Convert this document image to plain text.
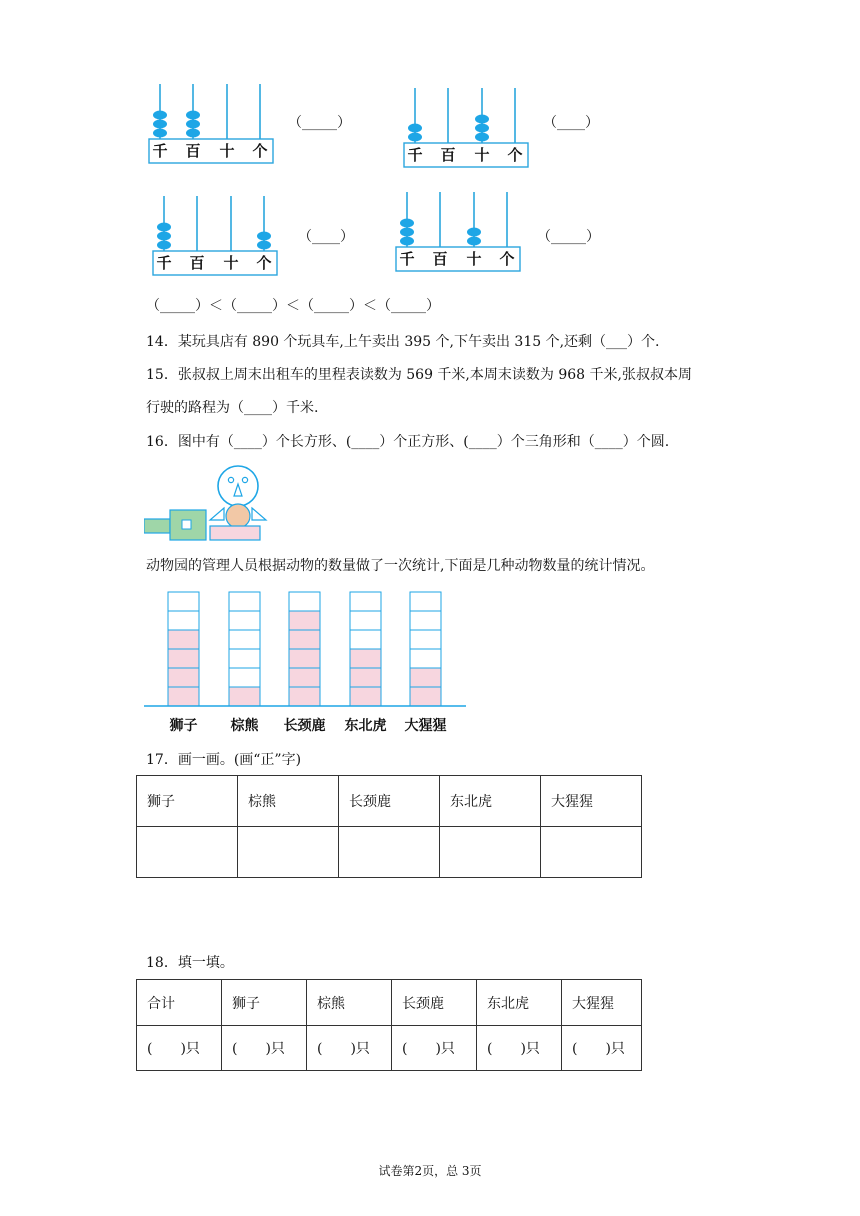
千 百 十 个
（_____）
千 百 十 个
（____）
千 百 十 个
（____）
千 百 十 个
（_____）
（_____）＜（_____）＜（_____）＜（_____）
14．某玩具店有 890 个玩具车,上午卖出 395 个,下午卖出 315 个,还剩（___）个.
15．张叔叔上周末出租车的里程表读数为 569 千米,本周末读数为 968 千米,张叔叔本周
行驶的路程为（____）千米.
16．图中有（____）个长方形、(____）个正方形、(____）个三角形和（____）个圆.
动物园的管理人员根据动物的数量做了一次统计,下面是几种动物数量的统计情况。
狮子 棕熊 长颈鹿 东北虎 大猩猩
17．画一画。(画“正”字)
狮子	棕熊	长颈鹿	东北虎	大猩猩

18．填一填。
合计	狮子	棕熊	长颈鹿	东北虎	大猩猩
(　　)只	(　　)只	(　　)只	(　　)只	(　　)只	(　　)只
试卷第2页，总 3页
